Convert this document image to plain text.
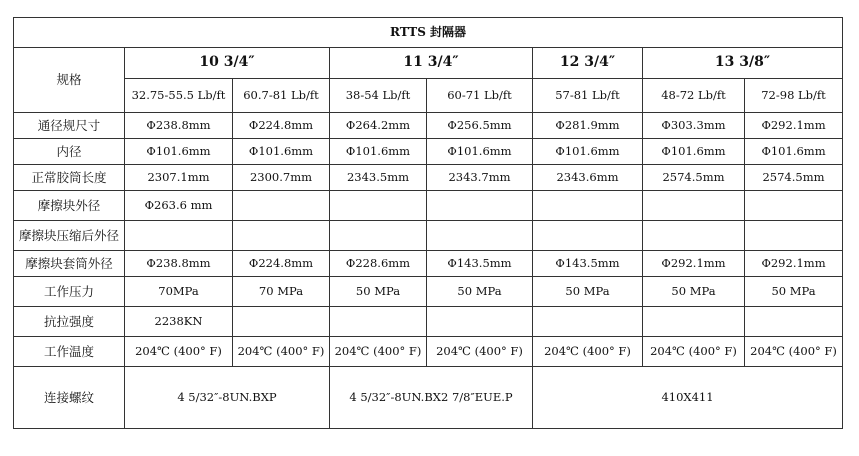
RTTS 封隔器							
规格	10 3/4″		11 3/4″		12 3/4″	13 3/8″	
	32.75-55.5 Lb/ft	60.7-81 Lb/ft	38-54 Lb/ft	60-71 Lb/ft	57-81 Lb/ft	48-72 Lb/ft	72-98 Lb/ft
通径规尺寸	Φ238.8mm	Φ224.8mm	Φ264.2mm	Φ256.5mm	Φ281.9mm	Φ303.3mm	Φ292.1mm
内径	Φ101.6mm	Φ101.6mm	Φ101.6mm	Φ101.6mm	Φ101.6mm	Φ101.6mm	Φ101.6mm
正常胶筒长度	2307.1mm	2300.7mm	2343.5mm	2343.7mm	2343.6mm	2574.5mm	2574.5mm
摩擦块外径	Φ263.6 mm						
摩擦块压缩后外径							
摩擦块套筒外径	Φ238.8mm	Φ224.8mm	Φ228.6mm	Φ143.5mm	Φ143.5mm	Φ292.1mm	Φ292.1mm
工作压力	70MPa	70 MPa	50 MPa	50 MPa	50 MPa	50 MPa	50 MPa
抗拉强度	2238KN						
工作温度	204℃ (400° F)	204℃ (400° F)	204℃ (400° F)	204℃ (400° F)	204℃ (400° F)	204℃ (400° F)	204℃ (400° F)
连接螺纹	4 5/32″-8UN.BXP		4 5/32″-8UN.BX2 7/8″EUE.P		410X411		
